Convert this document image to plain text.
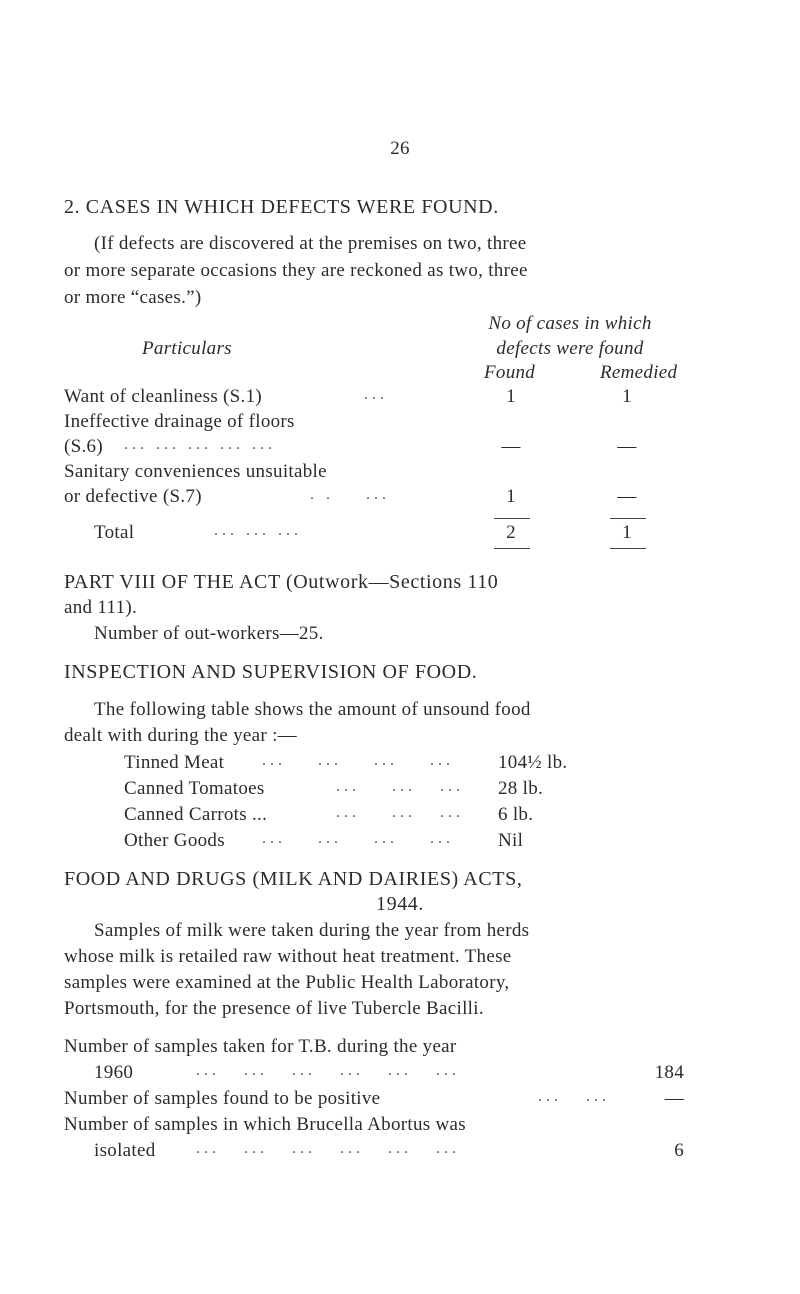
26
2. CASES IN WHICH DEFECTS WERE FOUND.
(If defects are discovered at the premises on two, three
or more separate occasions they are reckoned as two, three
or more “cases.”)
No of cases in which
Particulars	defects were found
Found	Remedied
Want of cleanliness (S.1)	...	1	1
Ineffective drainage of floors
(S.6) ... ... ... ... ...	—	—
Sanitary conveniences unsuitable
or defective (S.7)	. .    ...	1	—
Total	... ... ...	2	1
PART VIII OF THE ACT (Outwork—Sections 110
and 111).
Number of out-workers—25.
INSPECTION AND SUPERVISION OF FOOD.
The following table shows the amount of unsound food
dealt with during the year :—
Tinned Meat ...    ...    ...    ... 104½ lb.
Canned Tomatoes	...    ...   ... 28 lb.
Canned Carrots ...	...    ...   ... 6 lb.
Other Goods ...    ...    ...    ... Nil
FOOD AND DRUGS (MILK AND DAIRIES) ACTS,
1944.
Samples of milk were taken during the year from herds
whose milk is retailed raw without heat treatment. These
samples were examined at the Public Health Laboratory,
Portsmouth, for the presence of live Tubercle Bacilli.
Number of samples taken for T.B. during the year
1960	...   ...   ...   ...   ...   ...	184
Number of samples found to be positive	...   ...	—
Number of samples in which Brucella Abortus was
isolated	...   ...   ...   ...   ...   ...	6
